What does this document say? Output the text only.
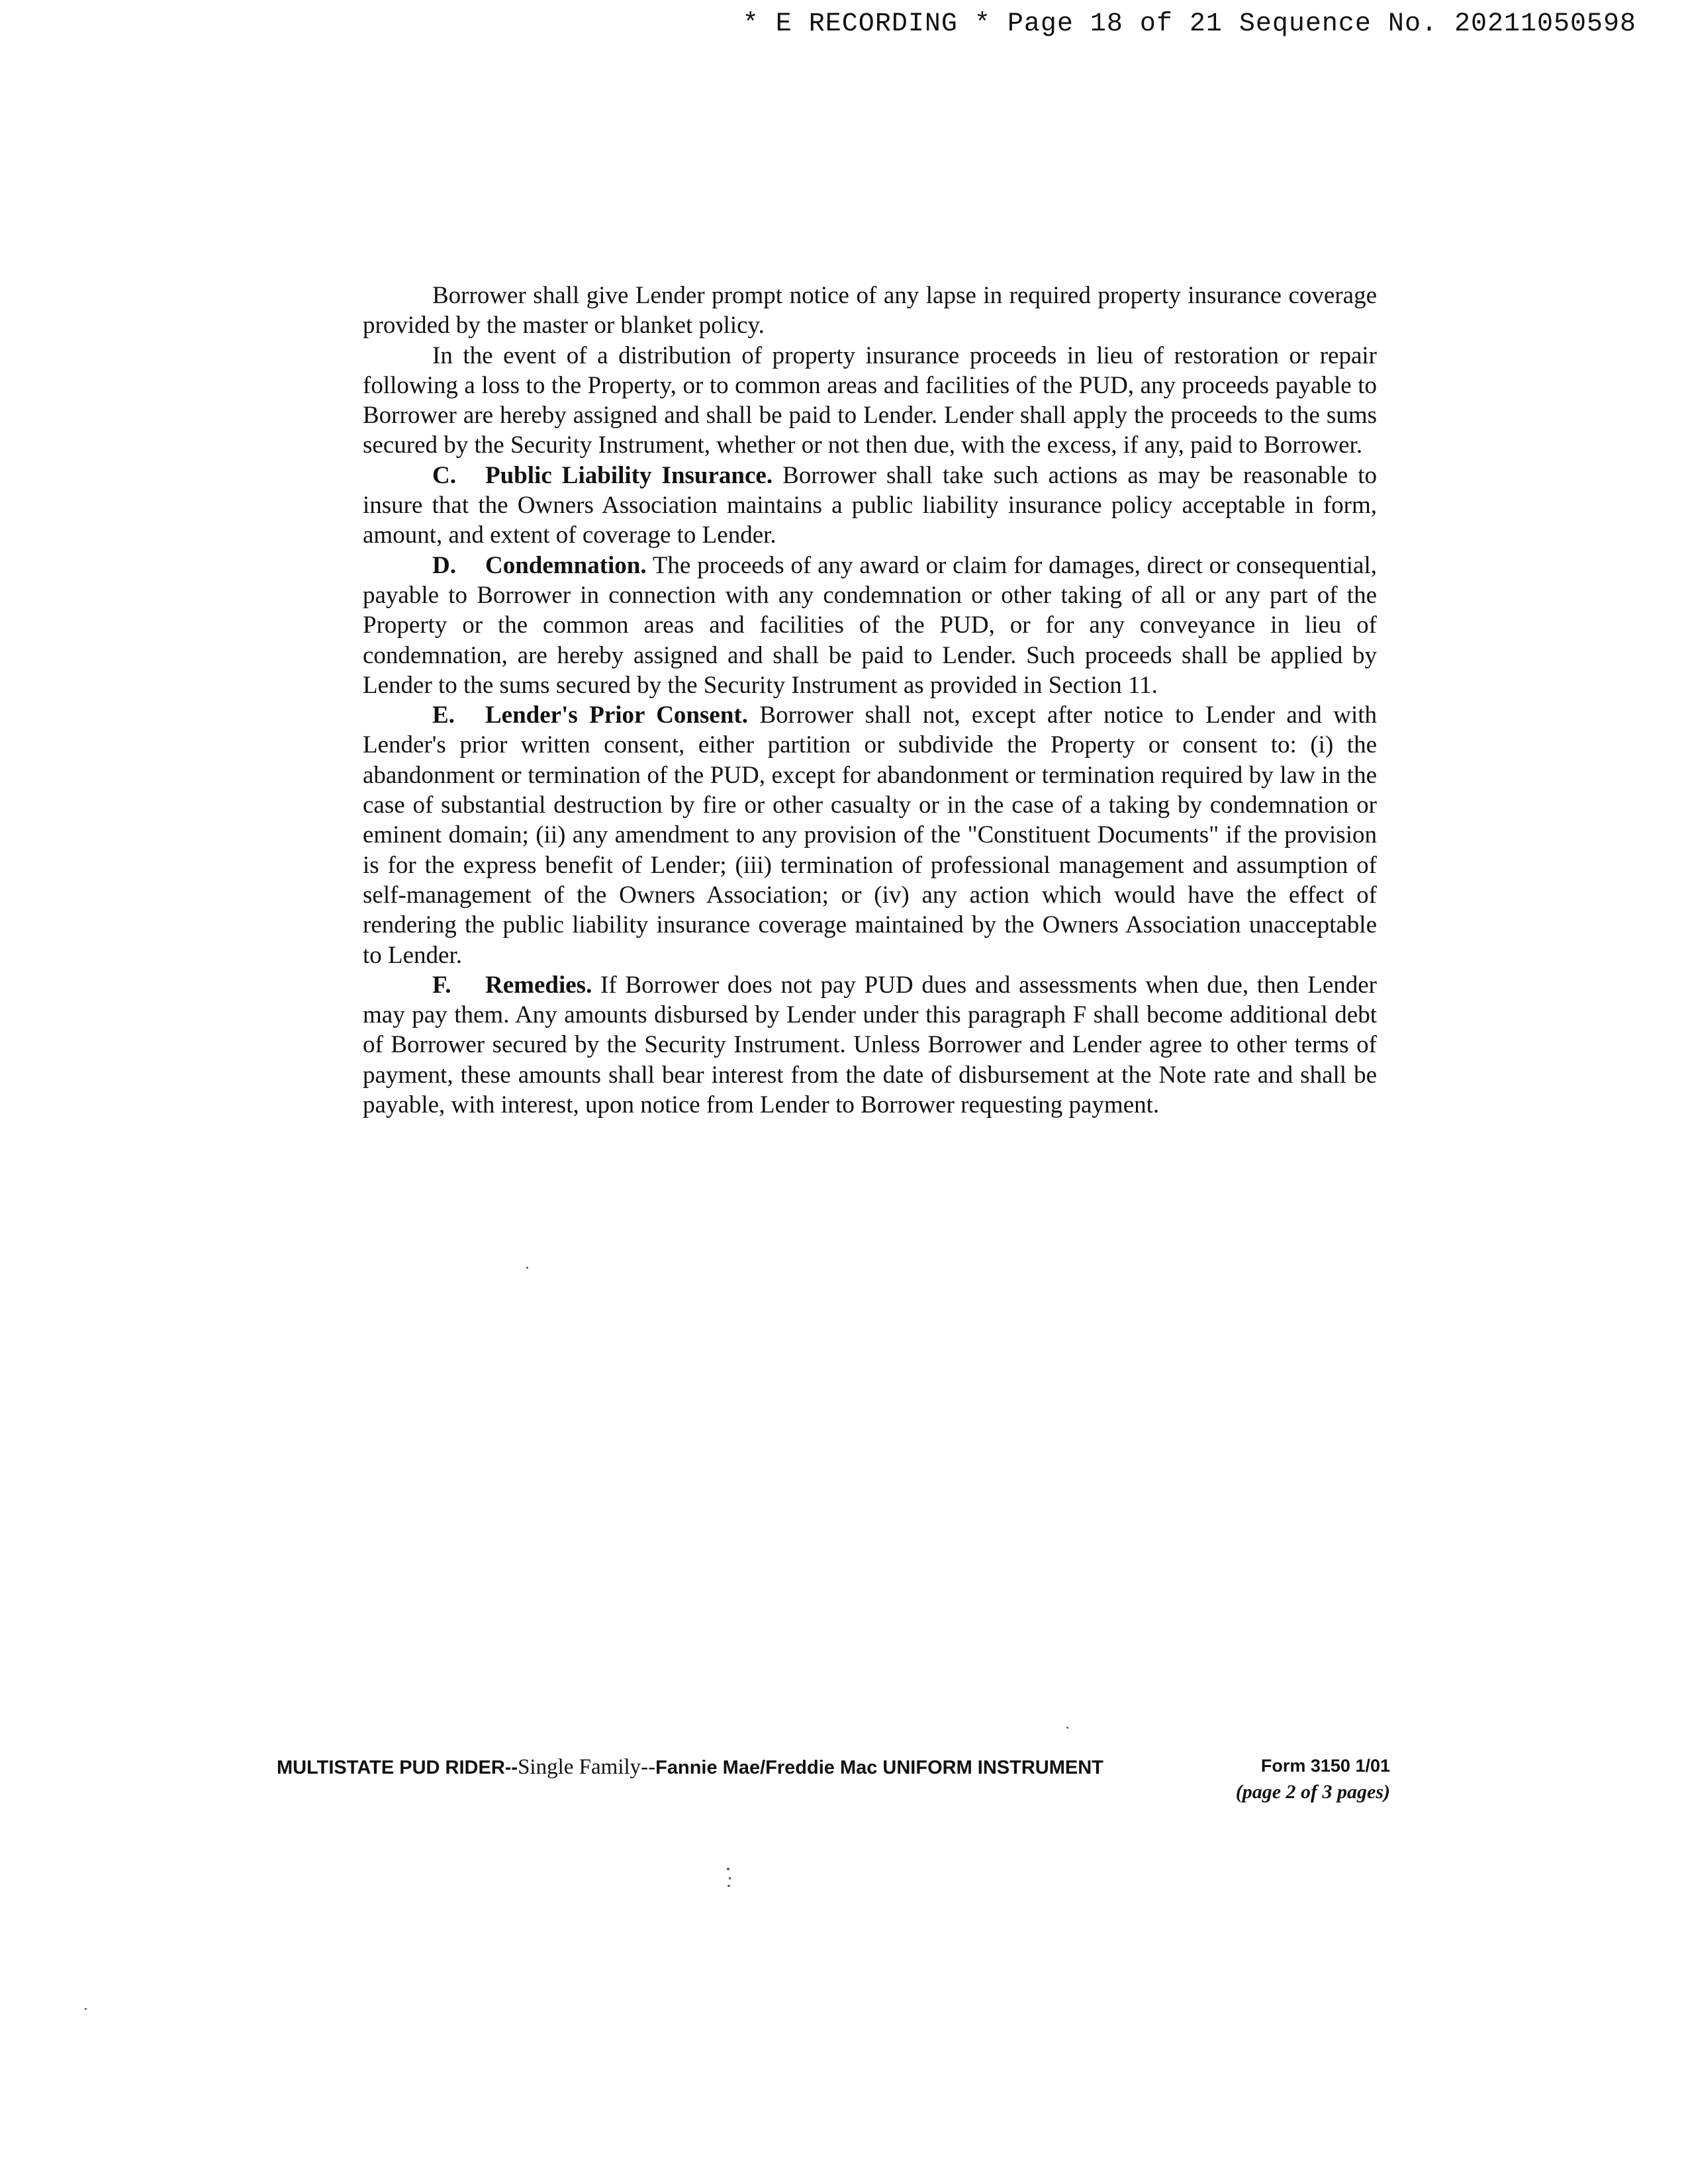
* E RECORDING * Page 18 of 21 Sequence No. 20211050598

Borrower shall give Lender prompt notice of any lapse in required property insurance coverage provided by the master or blanket policy.

In the event of a distribution of property insurance proceeds in lieu of restoration or repair following a loss to the Property, or to common areas and facilities of the PUD, any proceeds payable to Borrower are hereby assigned and shall be paid to Lender. Lender shall apply the proceeds to the sums secured by the Security Instrument, whether or not then due, with the excess, if any, paid to Borrower.

C. Public Liability Insurance. Borrower shall take such actions as may be reasonable to insure that the Owners Association maintains a public liability insurance policy acceptable in form, amount, and extent of coverage to Lender.

D. Condemnation. The proceeds of any award or claim for damages, direct or consequential, payable to Borrower in connection with any condemnation or other taking of all or any part of the Property or the common areas and facilities of the PUD, or for any conveyance in lieu of condemnation, are hereby assigned and shall be paid to Lender. Such proceeds shall be applied by Lender to the sums secured by the Security Instrument as provided in Section 11.

E. Lender's Prior Consent. Borrower shall not, except after notice to Lender and with Lender's prior written consent, either partition or subdivide the Property or consent to: (i) the abandonment or termination of the PUD, except for abandonment or termination required by law in the case of substantial destruction by fire or other casualty or in the case of a taking by condemnation or eminent domain; (ii) any amendment to any provision of the "Constituent Documents" if the provision is for the express benefit of Lender; (iii) termination of professional management and assumption of self-management of the Owners Association; or (iv) any action which would have the effect of rendering the public liability insurance coverage maintained by the Owners Association unacceptable to Lender.

F. Remedies. If Borrower does not pay PUD dues and assessments when due, then Lender may pay them. Any amounts disbursed by Lender under this paragraph F shall become additional debt of Borrower secured by the Security Instrument. Unless Borrower and Lender agree to other terms of payment, these amounts shall bear interest from the date of disbursement at the Note rate and shall be payable, with interest, upon notice from Lender to Borrower requesting payment.

MULTISTATE PUD RIDER--Single Family--Fannie Mae/Freddie Mac UNIFORM INSTRUMENT	Form 3150 1/01
(page 2 of 3 pages)
